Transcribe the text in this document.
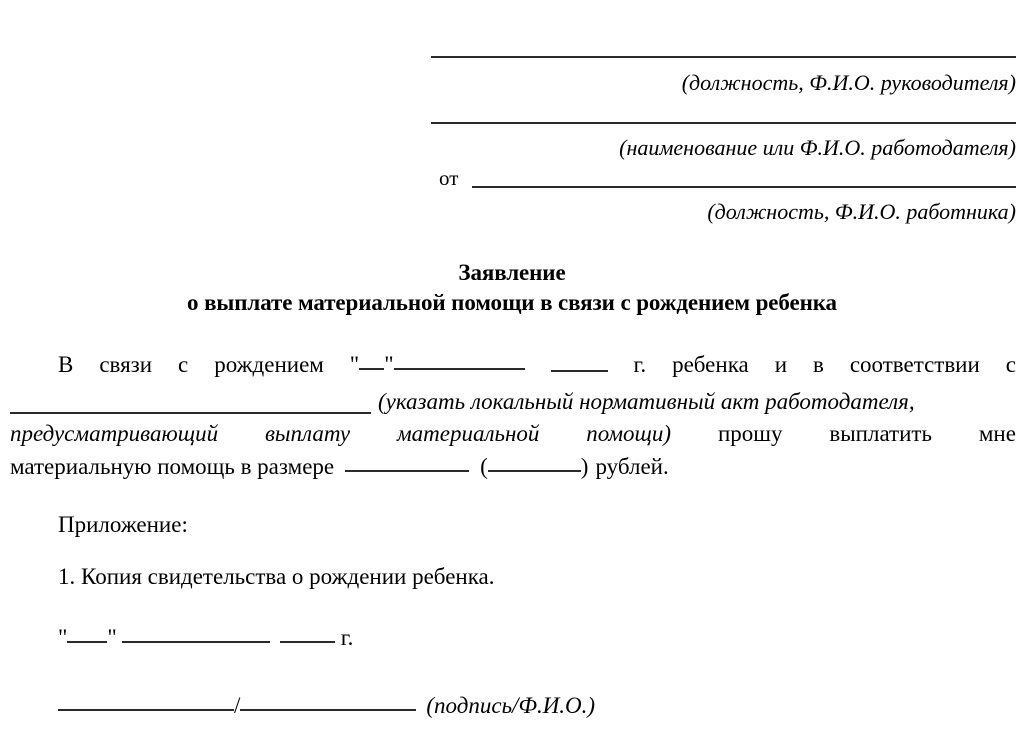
(должность, Ф.И.О. руководителя)
(наименование или Ф.И.О. работодателя)
от
(должность, Ф.И.О. работника)
Заявление
о выплате материальной помощи в связи с рождением ребенка
В связи с рождением " "	г. ребенка и в соответствии с
(указать локальный нормативный акт работодателя,
предусматривающий выплату материальной помощи) прошу выплатить мне
материальную помощь в размере	(	) рублей.
Приложение:
1. Копия свидетельства о рождении ребенка.
" "	г.
/	(подпись/Ф.И.О.)
